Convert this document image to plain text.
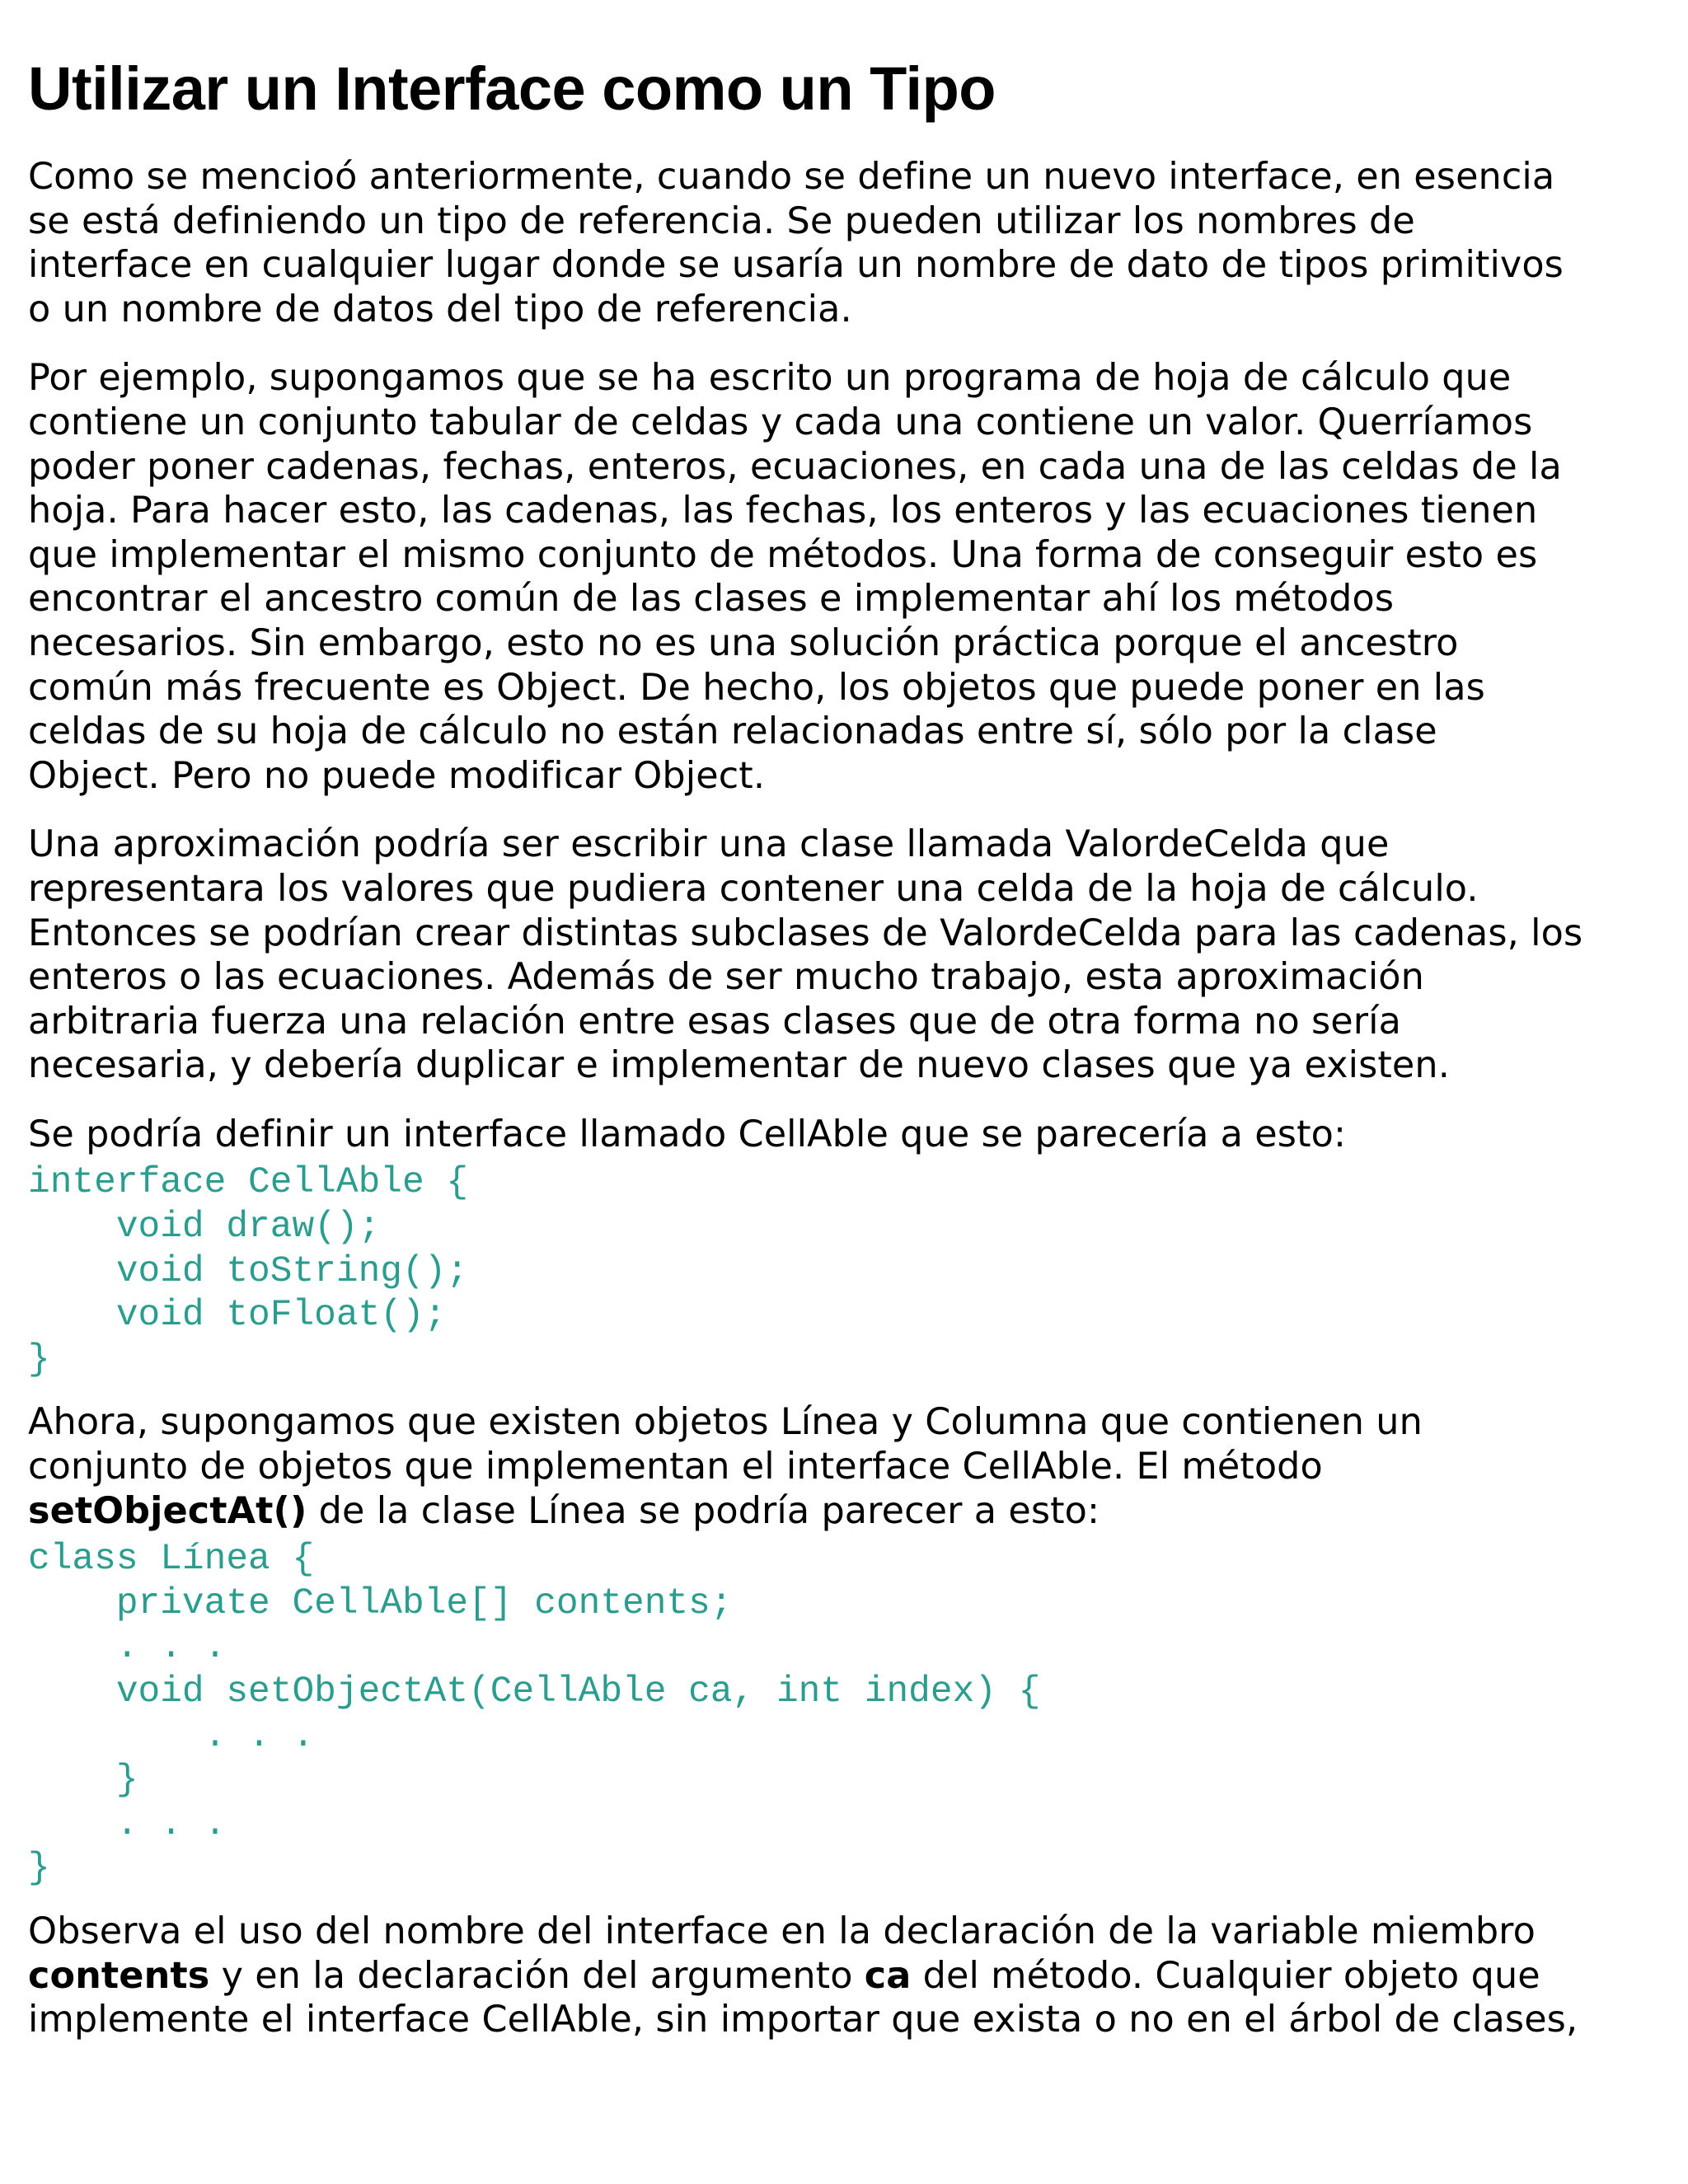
Utilizar un Interface como un Tipo

Como se mencioó anteriormente, cuando se define un nuevo interface, en esencia
se está definiendo un tipo de referencia. Se pueden utilizar los nombres de
interface en cualquier lugar donde se usaría un nombre de dato de tipos primitivos
o un nombre de datos del tipo de referencia.

Por ejemplo, supongamos que se ha escrito un programa de hoja de cálculo que
contiene un conjunto tabular de celdas y cada una contiene un valor. Querríamos
poder poner cadenas, fechas, enteros, ecuaciones, en cada una de las celdas de la
hoja. Para hacer esto, las cadenas, las fechas, los enteros y las ecuaciones tienen
que implementar el mismo conjunto de métodos. Una forma de conseguir esto es
encontrar el ancestro común de las clases e implementar ahí los métodos
necesarios. Sin embargo, esto no es una solución práctica porque el ancestro
común más frecuente es Object. De hecho, los objetos que puede poner en las
celdas de su hoja de cálculo no están relacionadas entre sí, sólo por la clase
Object. Pero no puede modificar Object.

Una aproximación podría ser escribir una clase llamada ValordeCelda que
representara los valores que pudiera contener una celda de la hoja de cálculo.
Entonces se podrían crear distintas subclases de ValordeCelda para las cadenas, los
enteros o las ecuaciones. Además de ser mucho trabajo, esta aproximación
arbitraria fuerza una relación entre esas clases que de otra forma no sería
necesaria, y debería duplicar e implementar de nuevo clases que ya existen.

Se podría definir un interface llamado CellAble que se parecería a esto:

interface CellAble {
void draw();
void toString();
void toFloat();
}

Ahora, supongamos que existen objetos Línea y Columna que contienen un
conjunto de objetos que implementan el interface CellAble. El método
setObjectAt() de la clase Línea se podría parecer a esto:

class Línea {
private CellAble[] contents;
. . .
void setObjectAt(CellAble ca, int index) {
. . .
}
. . .
}

Observa el uso del nombre del interface en la declaración de la variable miembro
contents y en la declaración del argumento ca del método. Cualquier objeto que
implemente el interface CellAble, sin importar que exista o no en el árbol de clases,
